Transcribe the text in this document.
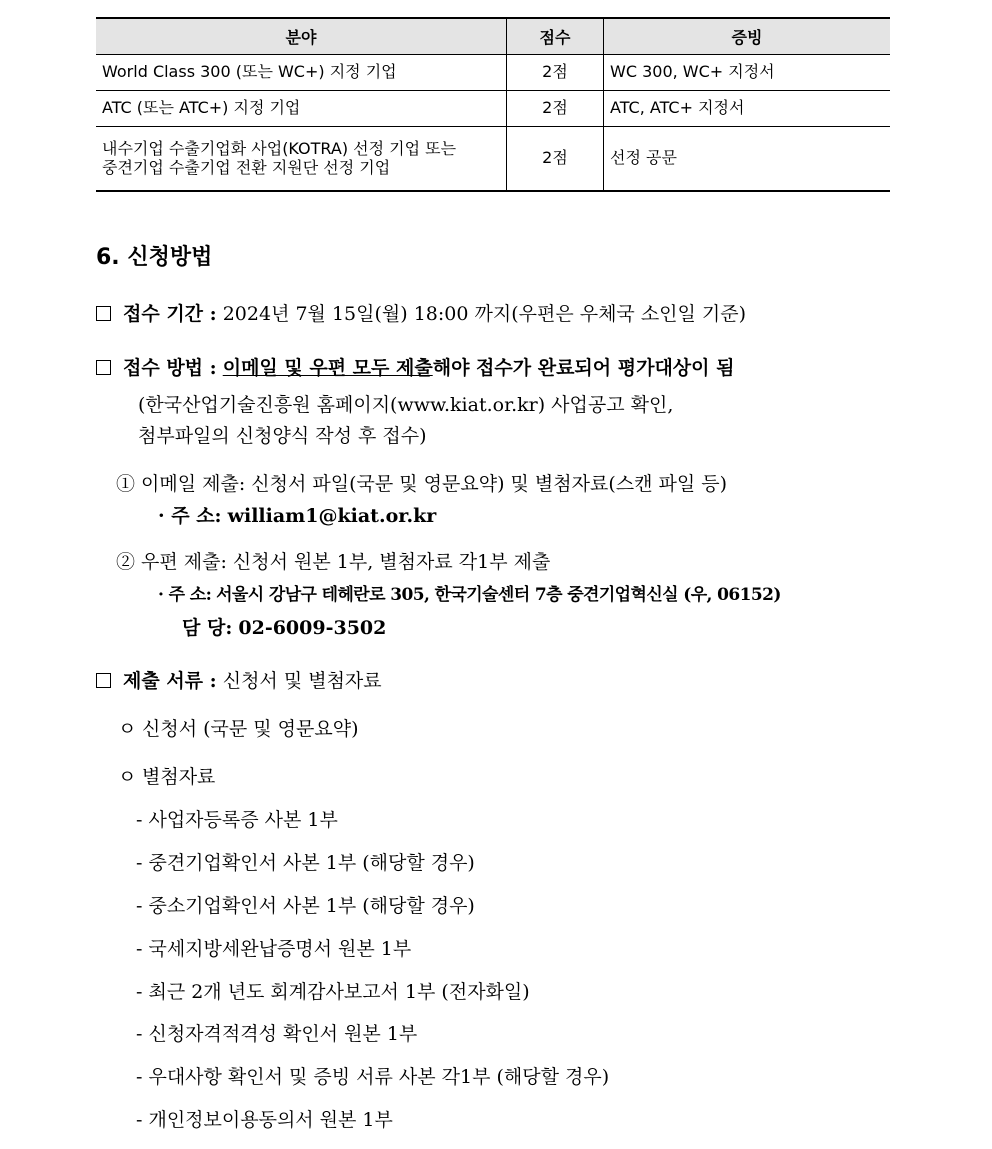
분야	점수	증빙
World Class 300 (또는 WC+) 지정 기업	2점	WC 300, WC+ 지정서
ATC (또는 ATC+) 지정 기업	2점	ATC, ATC+ 지정서
내수기업 수출기업화 사업(KOTRA) 선정 기업 또는
중견기업 수출기업 전환 지원단 선정 기업	2점	선정 공문
6. 신청방법
접수 기간 : 2024년 7월 15일(월) 18:00 까지(우편은 우체국 소인일 기준)
접수 방법 : 이메일 및 우편 모두 제출해야 접수가 완료되어 평가대상이 됨
(한국산업기술진흥원 홈페이지(www.kiat.or.kr) 사업공고 확인,
첨부파일의 신청양식 작성 후 접수)
① 이메일 제출: 신청서 파일(국문 및 영문요약) 및 별첨자료(스캔 파일 등)
· 주 소: william1@kiat.or.kr
② 우편 제출: 신청서 원본 1부, 별첨자료 각1부 제출
· 주 소: 서울시 강남구 테헤란로 305, 한국기술센터 7층 중견기업혁신실 (우, 06152)
담 당: 02-6009-3502
제출 서류 : 신청서 및 별첨자료
ㅇ 신청서 (국문 및 영문요약)
ㅇ 별첨자료
- 사업자등록증 사본 1부
- 중견기업확인서 사본 1부 (해당할 경우)
- 중소기업확인서 사본 1부 (해당할 경우)
- 국세지방세완납증명서 원본 1부
- 최근 2개 년도 회계감사보고서 1부 (전자화일)
- 신청자격적격성 확인서 원본 1부
- 우대사항 확인서 및 증빙 서류 사본 각1부 (해당할 경우)
- 개인정보이용동의서 원본 1부
